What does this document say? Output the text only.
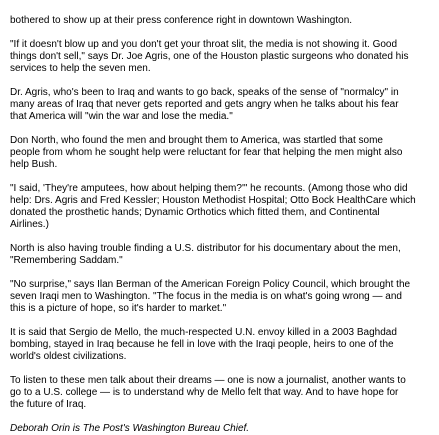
bothered to show up at their press conference right in downtown Washington.

"If it doesn't blow up and you don't get your throat slit, the media is not showing it. Good
things don't sell," says Dr. Joe Agris, one of the Houston plastic surgeons who donated his
services to help the seven men.

Dr. Agris, who's been to Iraq and wants to go back, speaks of the sense of "normalcy" in
many areas of Iraq that never gets reported and gets angry when he talks about his fear
that America will "win the war and lose the media."

Don North, who found the men and brought them to America, was startled that some
people from whom he sought help were reluctant for fear that helping the men might also
help Bush.

"I said, 'They're amputees, how about helping them?'" he recounts. (Among those who did
help: Drs. Agris and Fred Kessler; Houston Methodist Hospital; Otto Bock HealthCare which
donated the prosthetic hands; Dynamic Orthotics which fitted them, and Continental
Airlines.)

North is also having trouble finding a U.S. distributor for his documentary about the men,
"Remembering Saddam."

"No surprise," says Ilan Berman of the American Foreign Policy Council, which brought the
seven Iraqi men to Washington. "The focus in the media is on what's going wrong — and
this is a picture of hope, so it's harder to market."

It is said that Sergio de Mello, the much-respected U.N. envoy killed in a 2003 Baghdad
bombing, stayed in Iraq because he fell in love with the Iraqi people, heirs to one of the
world's oldest civilizations.

To listen to these men talk about their dreams — one is now a journalist, another wants to
go to a U.S. college — is to understand why de Mello felt that way. And to have hope for
the future of Iraq.

Deborah Orin is The Post's Washington Bureau Chief.
